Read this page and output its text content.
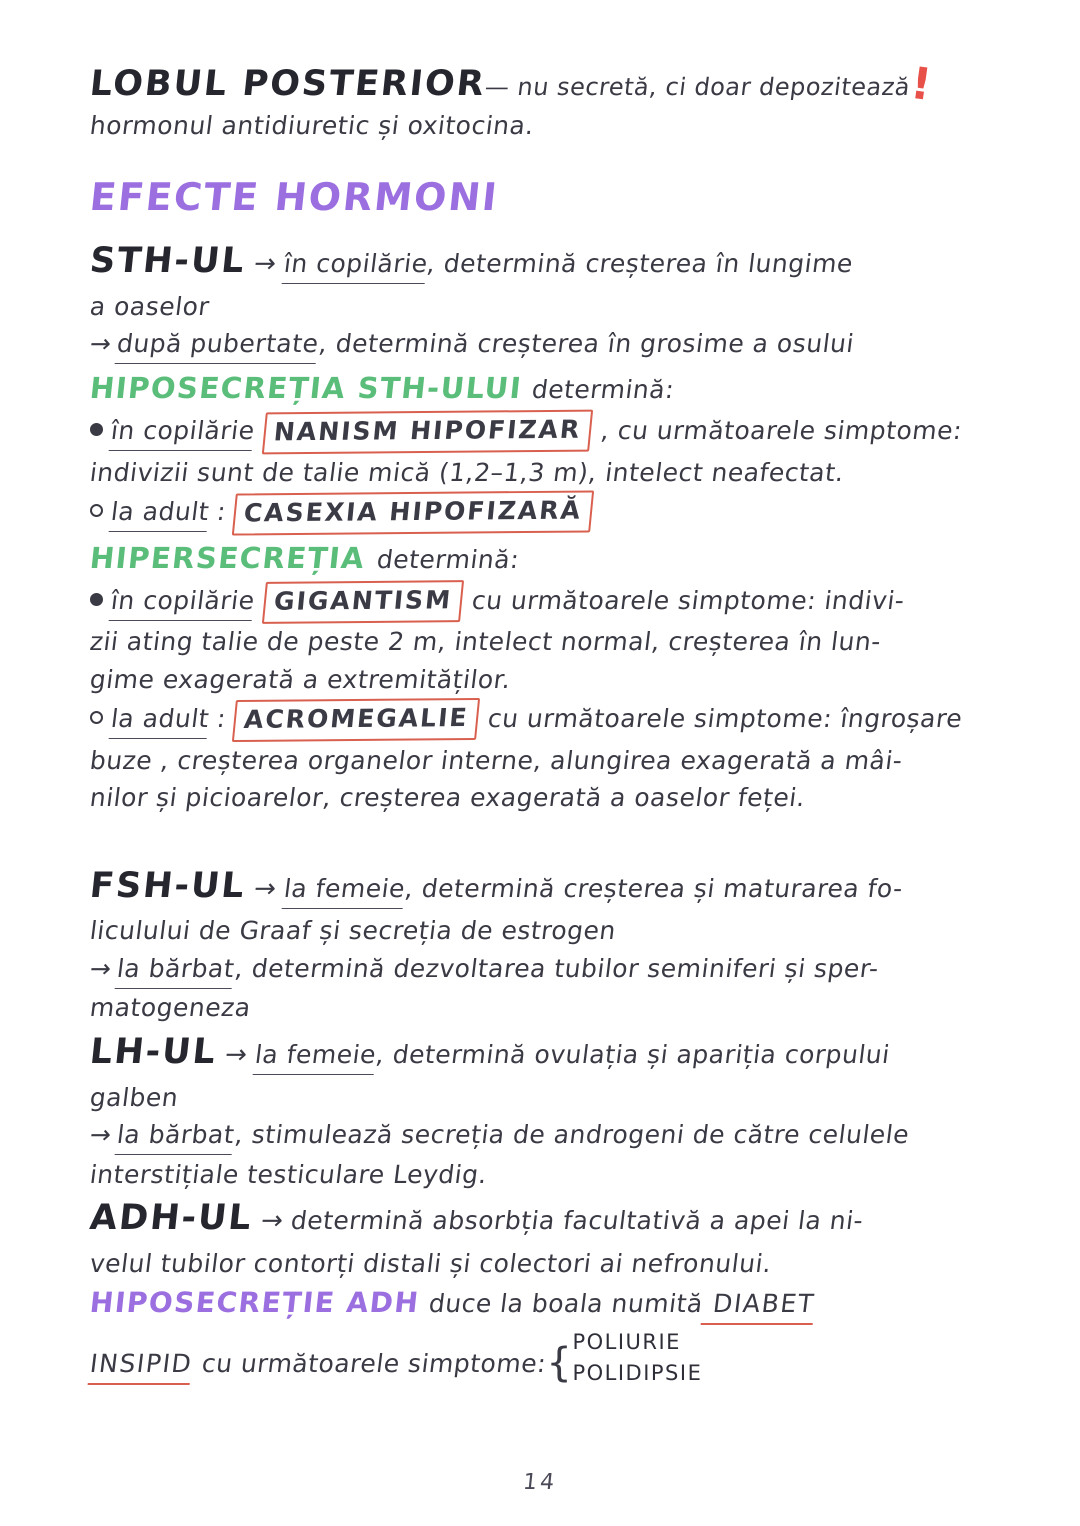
LOBUL POSTERIOR— nu secretă, ci doar depozitează!
hormonul antidiuretic și oxitocina.
EFECTE HORMONI
STH-UL → în copilărie, determină creșterea în lungime
a oaselor
→ după pubertate, determină creșterea în grosime a osului
HIPOSECREȚIA STH-ULUI determină:
în copilărie NANISM HIPOFIZAR , cu următoarele simptome:
indivizii sunt de talie mică (1,2–1,3 m), intelect neafectat.
la adult : CASEXIA HIPOFIZARĂ
HIPERSECREȚIA determină:
în copilărie GIGANTISM cu următoarele simptome: indivi-
zii ating talie de peste 2 m, intelect normal, creșterea în lun-
gime exagerată a extremităților.
la adult : ACROMEGALIE cu următoarele simptome: îngroșare
buze , creșterea organelor interne, alungirea exagerată a mâi-
nilor și picioarelor, creșterea exagerată a oaselor feței.
FSH-UL → la femeie, determină creșterea și maturarea fo-
liculului de Graaf și secreția de estrogen
→ la bărbat, determină dezvoltarea tubilor seminiferi și sper-
matogeneza
LH-UL → la femeie, determină ovulația și apariția corpului
galben
→ la bărbat, stimulează secreția de androgeni de către celulele
interstițiale testiculare Leydig.
ADH-UL → determină absorbția facultativă a apei la ni-
velul tubilor contorți distali și colectori ai nefronului.
HIPOSECREȚIE ADH duce la boala numită DIABET
INSIPID cu următoarele simptome:{POLIURIE
POLIDIPSIE
14
